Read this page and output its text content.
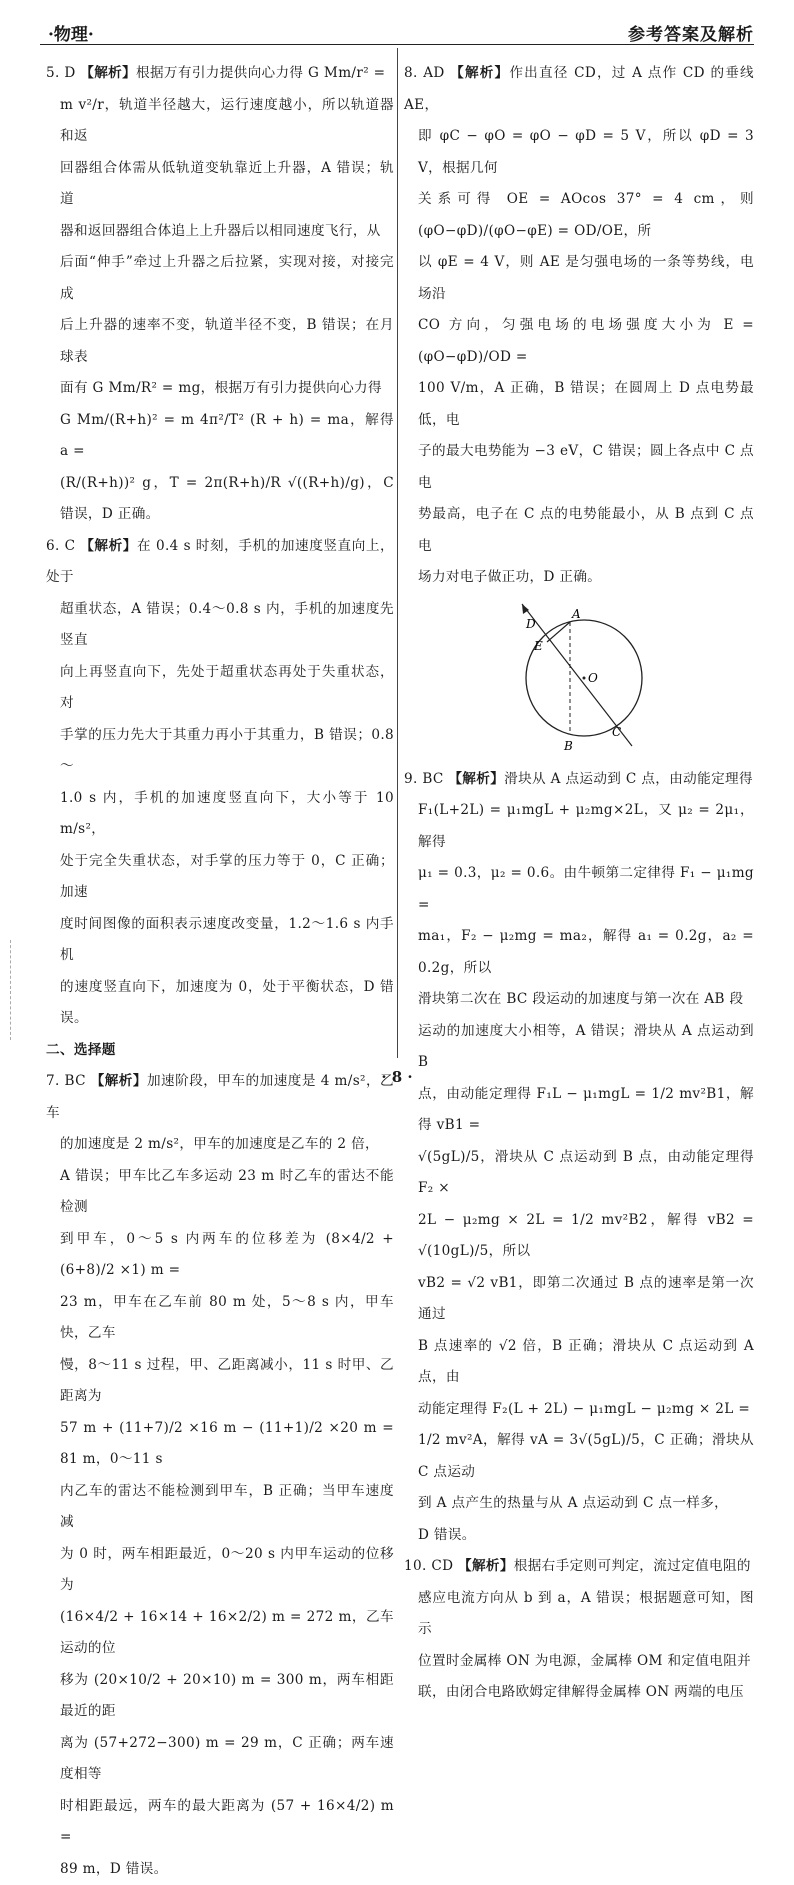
·物理·	参考答案及解析

5. D 【解析】根据万有引力提供向心力得 G Mm/r² =

m v²/r，轨道半径越大，运行速度越小，所以轨道器和返

回器组合体需从低轨道变轨靠近上升器，A 错误；轨道

器和返回器组合体追上上升器后以相同速度飞行，从

后面“伸手”牵过上升器之后拉紧，实现对接，对接完成

后上升器的速率不变，轨道半径不变，B 错误；在月球表

面有 G Mm/R² = mg，根据万有引力提供向心力得

G Mm/(R+h)² = m 4π²/T² (R + h) = ma，解得 a =

(R/(R+h))² g，T = 2π(R+h)/R √((R+h)/g)，C 错误，D 正确。

6. C 【解析】在 0.4 s 时刻，手机的加速度竖直向上，处于

超重状态，A 错误；0.4～0.8 s 内，手机的加速度先竖直

向上再竖直向下，先处于超重状态再处于失重状态，对

手掌的压力先大于其重力再小于其重力，B 错误；0.8～

1.0 s 内，手机的加速度竖直向下，大小等于 10 m/s²，

处于完全失重状态，对手掌的压力等于 0，C 正确；加速

度时间图像的面积表示速度改变量，1.2～1.6 s 内手机

的速度竖直向下，加速度为 0，处于平衡状态，D 错误。

二、选择题

7. BC 【解析】加速阶段，甲车的加速度是 4 m/s²，乙车

的加速度是 2 m/s²，甲车的加速度是乙车的 2 倍，

A 错误；甲车比乙车多运动 23 m 时乙车的雷达不能检测

到甲车，0～5 s 内两车的位移差为 (8×4/2 + (6+8)/2 ×1) m =

23 m，甲车在乙车前 80 m 处，5～8 s 内，甲车快，乙车

慢，8～11 s 过程，甲、乙距离减小，11 s 时甲、乙距离为

57 m + (11+7)/2 ×16 m − (11+1)/2 ×20 m = 81 m，0～11 s

内乙车的雷达不能检测到甲车，B 正确；当甲车速度减

为 0 时，两车相距最近，0～20 s 内甲车运动的位移为

(16×4/2 + 16×14 + 16×2/2) m = 272 m，乙车运动的位

移为 (20×10/2 + 20×10) m = 300 m，两车相距最近的距

离为 (57+272−300) m = 29 m，C 正确；两车速度相等

时相距最远，两车的最大距离为 (57 + 16×4/2) m =

89 m，D 错误。

8. AD 【解析】作出直径 CD，过 A 点作 CD 的垂线 AE，

即 φC − φO = φO − φD = 5 V，所以 φD = 3 V，根据几何

关系可得 OE = AOcos 37° = 4 cm，则 (φO−φD)/(φO−φE) = OD/OE，所

以 φE = 4 V，则 AE 是匀强电场的一条等势线，电场沿

CO 方向，匀强电场的电场强度大小为 E = (φO−φD)/OD =

100 V/m，A 正确，B 错误；在圆周上 D 点电势最低，电

子的最大电势能为 −3 eV，C 错误；圆上各点中 C 点电

势最高，电子在 C 点的电势能最小，从 B 点到 C 点电

场力对电子做正功，D 正确。

A
D
E
O
B
C

9. BC 【解析】滑块从 A 点运动到 C 点，由动能定理得

F₁(L+2L) = μ₁mgL + μ₂mg×2L，又 μ₂ = 2μ₁，解得

μ₁ = 0.3，μ₂ = 0.6。由牛顿第二定律得 F₁ − μ₁mg =

ma₁，F₂ − μ₂mg = ma₂，解得 a₁ = 0.2g，a₂ = 0.2g，所以

滑块第二次在 BC 段运动的加速度与第一次在 AB 段

运动的加速度大小相等，A 错误；滑块从 A 点运动到 B

点，由动能定理得 F₁L − μ₁mgL = 1/2 mv²B1，解得 vB1 =

√(5gL)/5，滑块从 C 点运动到 B 点，由动能定理得 F₂ ×

2L − μ₂mg × 2L = 1/2 mv²B2，解得 vB2 = √(10gL)/5，所以

vB2 = √2 vB1，即第二次通过 B 点的速率是第一次通过

B 点速率的 √2 倍，B 正确；滑块从 C 点运动到 A 点，由

动能定理得 F₂(L + 2L) − μ₁mgL − μ₂mg × 2L =

1/2 mv²A，解得 vA = 3√(5gL)/5，C 正确；滑块从 C 点运动

到 A 点产生的热量与从 A 点运动到 C 点一样多，

D 错误。

10. CD 【解析】根据右手定则可判定，流过定值电阻的

感应电流方向从 b 到 a，A 错误；根据题意可知，图示

位置时金属棒 ON 为电源，金属棒 OM 和定值电阻并

联，由闭合电路欧姆定律解得金属棒 ON 两端的电压

· 8 ·
